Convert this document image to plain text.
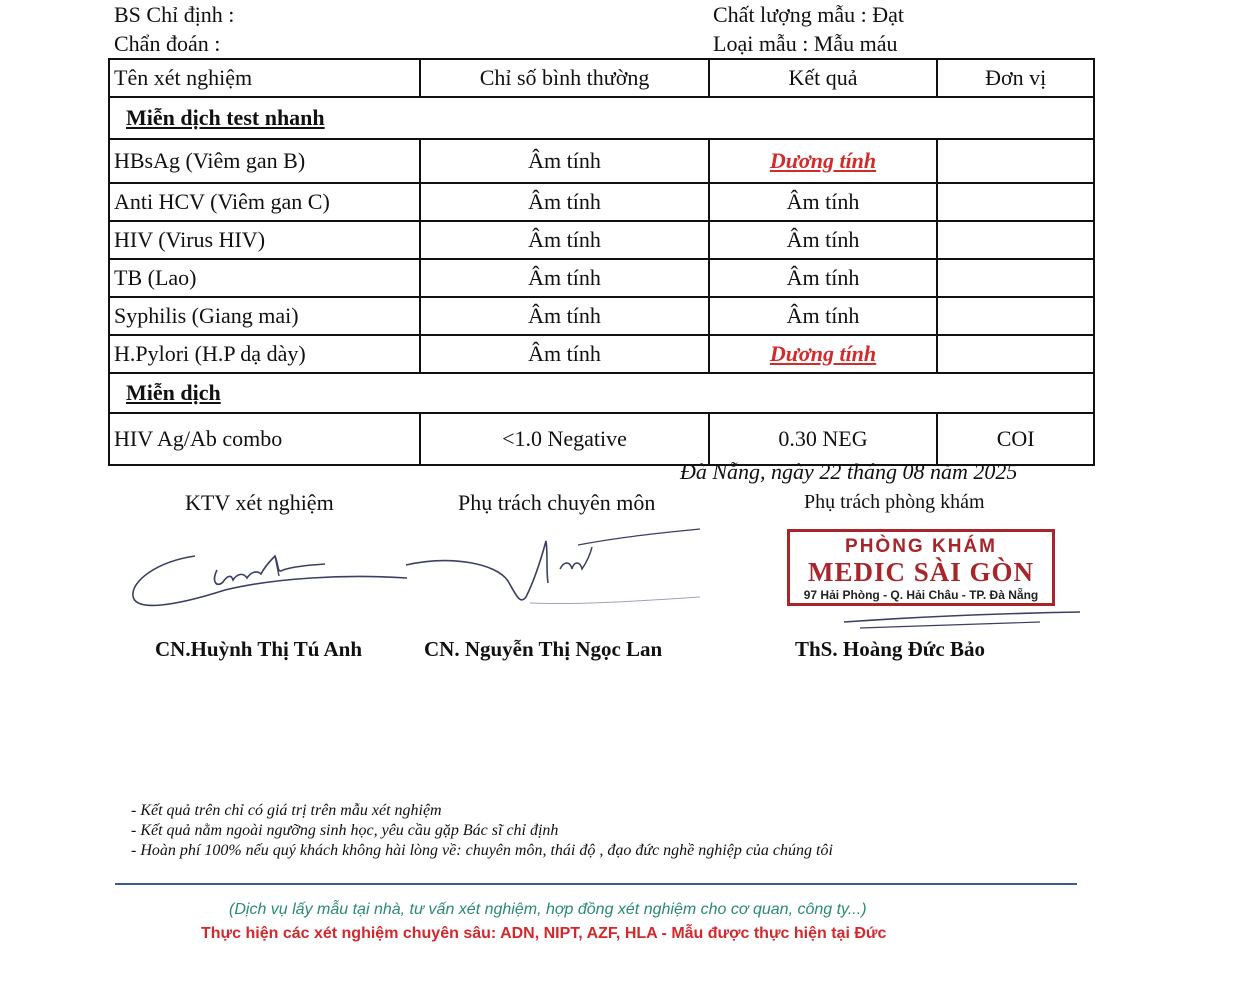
BS Chỉ định :
Chẩn đoán :
Chất lượng mẫu : Đạt
Loại mẫu : Mẫu máu
Tên xét nghiệm	Chỉ số bình thường	Kết quả	Đơn vị
Miễn dịch test nhanh			
HBsAg (Viêm gan B)	Âm tính	Dương tính	
Anti HCV (Viêm gan C)	Âm tính	Âm tính	
HIV (Virus HIV)	Âm tính	Âm tính	
TB (Lao)	Âm tính	Âm tính	
Syphilis (Giang mai)	Âm tính	Âm tính	
H.Pylori (H.P dạ dày)	Âm tính	Dương tính	
Miễn dịch			
HIV Ag/Ab combo	<1.0 Negative	0.30 NEG	COI
Đà Nẵng, ngày 22 tháng 08 năm 2025
KTV xét nghiệm	Phụ trách chuyên môn	Phụ trách phòng khám
PHÒNG KHÁM
MEDIC SÀI GÒN
97 Hải Phòng - Q. Hải Châu - TP. Đà Nẵng
CN.Huỳnh Thị Tú Anh	CN. Nguyễn Thị Ngọc Lan	ThS. Hoàng Đức Bảo
- Kết quả trên chỉ có giá trị trên mẫu xét nghiệm
- Kết quả nằm ngoài ngưỡng sinh học, yêu cầu gặp Bác sĩ chỉ định
- Hoàn phí 100% nếu quý khách không hài lòng về: chuyên môn, thái độ , đạo đức nghề nghiệp của chúng tôi
(Dịch vụ lấy mẫu tại nhà, tư vấn xét nghiệm, hợp đồng xét nghiệm cho cơ quan, công ty...)
Thực hiện các xét nghiệm chuyên sâu: ADN, NIPT, AZF, HLA - Mẫu được thực hiện tại Đức
